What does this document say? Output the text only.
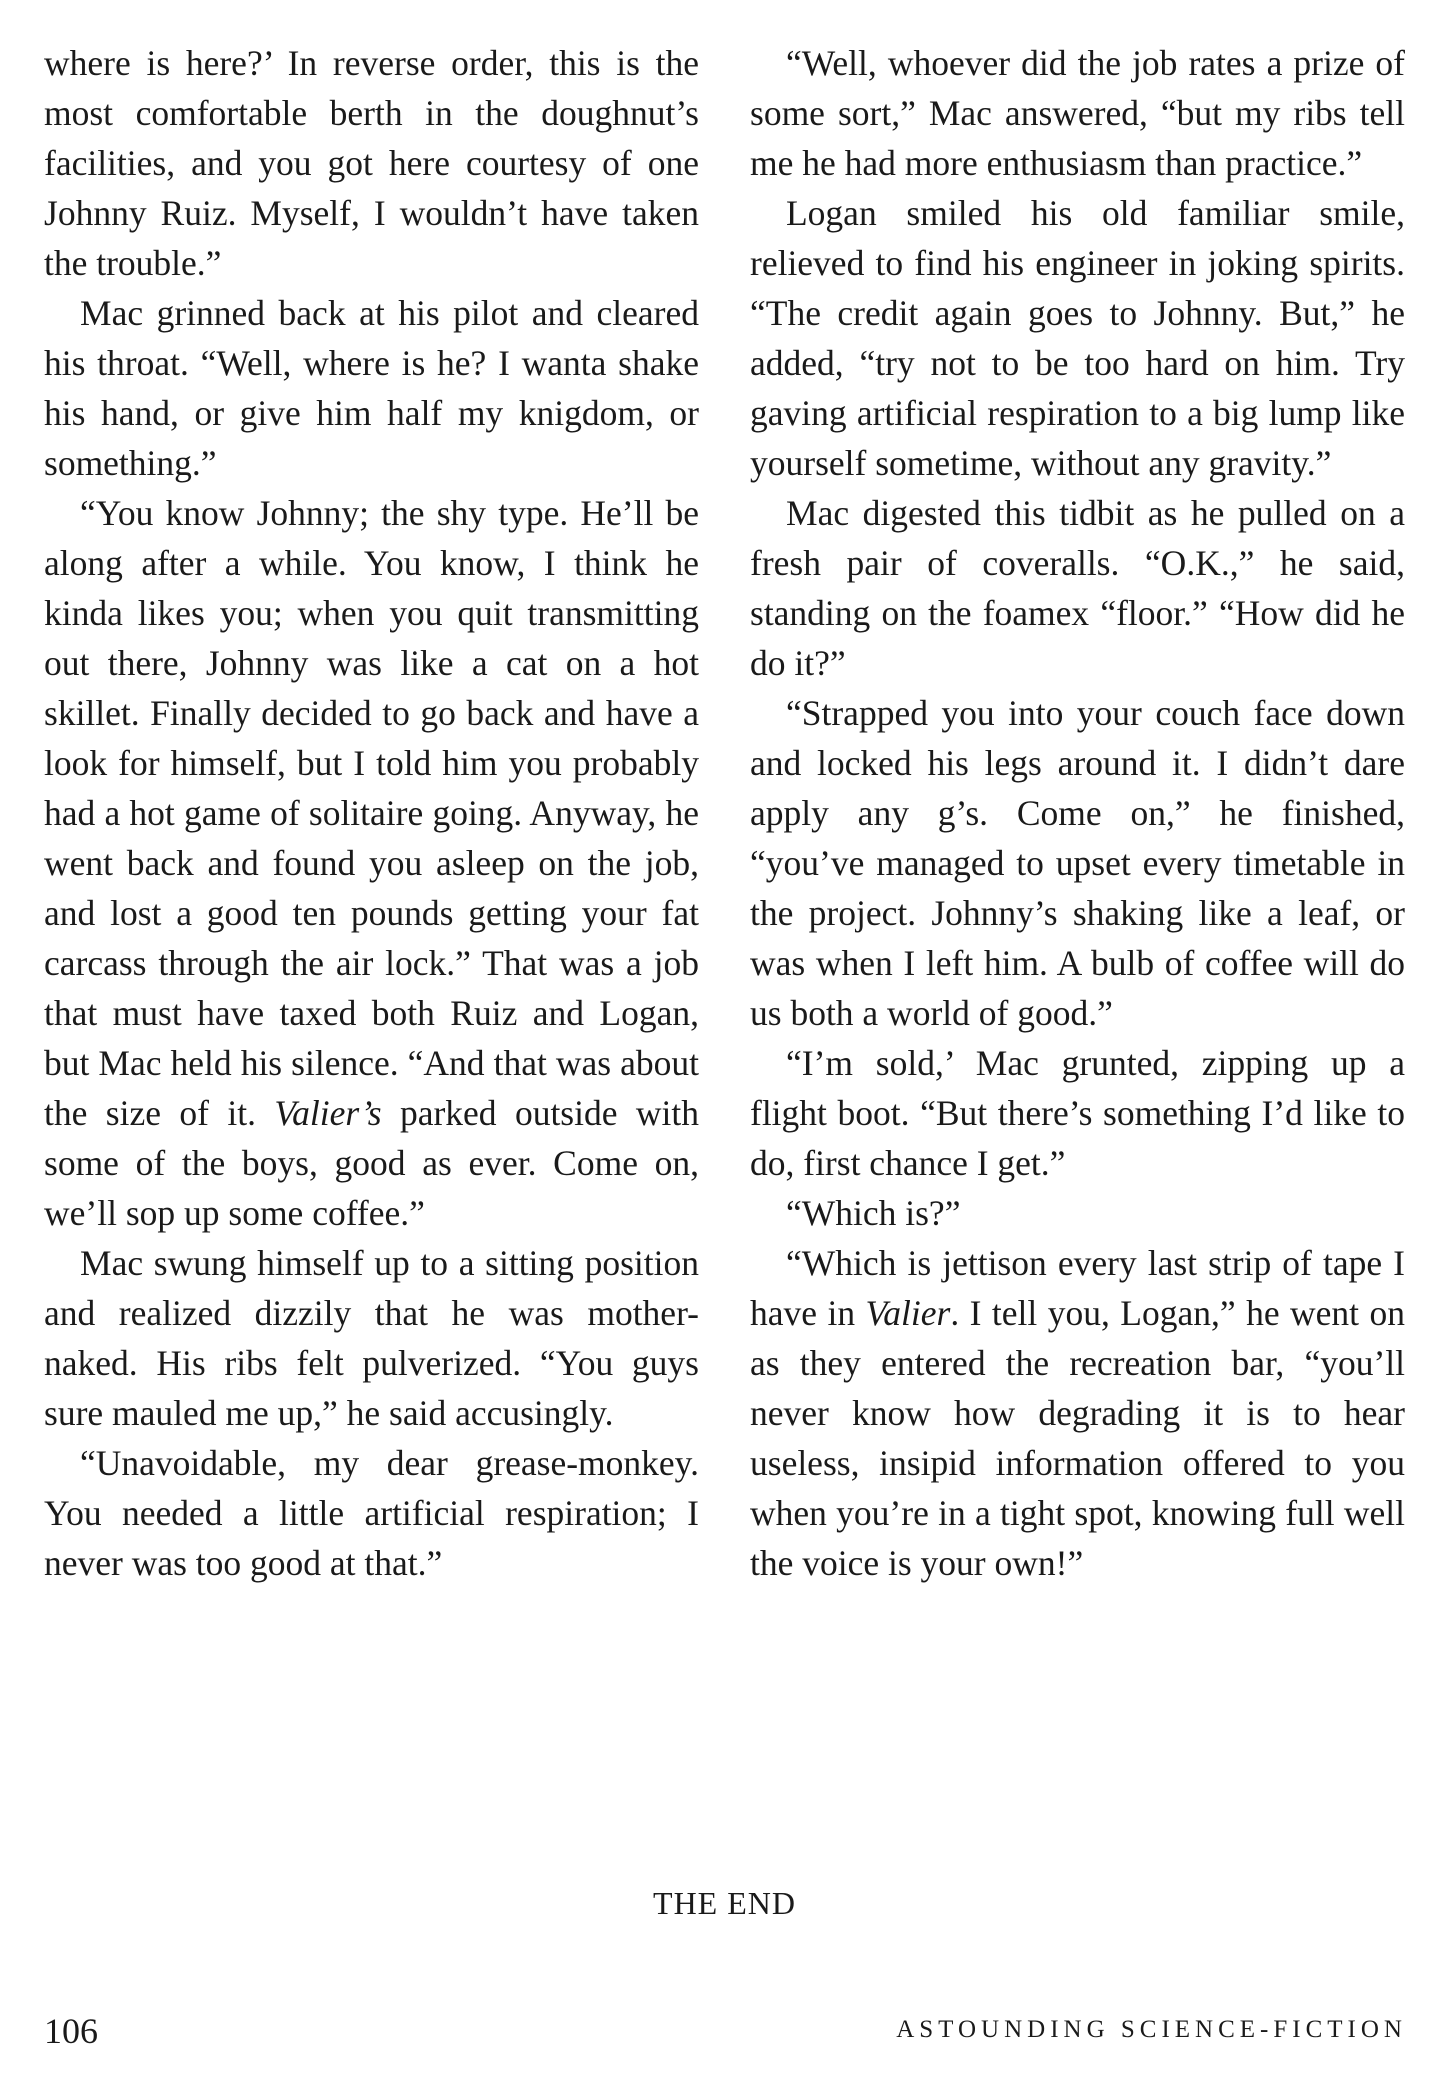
where is here?’ In reverse order, this is the most comfortable berth in the doughnut’s facilities, and you got here courtesy of one Johnny Ruiz. Myself, I wouldn’t have taken the trouble.”

Mac grinned back at his pilot and cleared his throat. “Well, where is he? I wanta shake his hand, or give him half my knigdom, or something.”

“You know Johnny; the shy type. He’ll be along after a while. You know, I think he kinda likes you; when you quit transmitting out there, Johnny was like a cat on a hot skillet. Finally decided to go back and have a look for himself, but I told him you probably had a hot game of solitaire going. Anyway, he went back and found you asleep on the job, and lost a good ten pounds getting your fat carcass through the air lock.” That was a job that must have taxed both Ruiz and Logan, but Mac held his silence. “And that was about the size of it. Valier’s parked outside with some of the boys, good as ever. Come on, we’ll sop up some coffee.”

Mac swung himself up to a sitting position and realized dizzily that he was mother-naked. His ribs felt pulverized. “You guys sure mauled me up,” he said accusingly.

“Unavoidable, my dear grease-monkey. You needed a little artificial respiration; I never was too good at that.”

“Well, whoever did the job rates a prize of some sort,” Mac answered, “but my ribs tell me he had more enthusiasm than practice.”

Logan smiled his old familiar smile, relieved to find his engineer in joking spirits. “The credit again goes to Johnny. But,” he added, “try not to be too hard on him. Try gaving artificial respiration to a big lump like yourself sometime, without any gravity.”

Mac digested this tidbit as he pulled on a fresh pair of coveralls. “O.K.,” he said, standing on the foamex “floor.” “How did he do it?”

“Strapped you into your couch face down and locked his legs around it. I didn’t dare apply any g’s. Come on,” he finished, “you’ve managed to upset every timetable in the project. Johnny’s shaking like a leaf, or was when I left him. A bulb of coffee will do us both a world of good.”

“I’m sold,’ Mac grunted, zipping up a flight boot. “But there’s something I’d like to do, first chance I get.”

“Which is?”

“Which is jettison every last strip of tape I have in Valier. I tell you, Logan,” he went on as they entered the recreation bar, “you’ll never know how degrading it is to hear useless, insipid information offered to you when you’re in a tight spot, knowing full well the voice is your own!”

THE END
106	ASTOUNDING SCIENCE-FICTION
